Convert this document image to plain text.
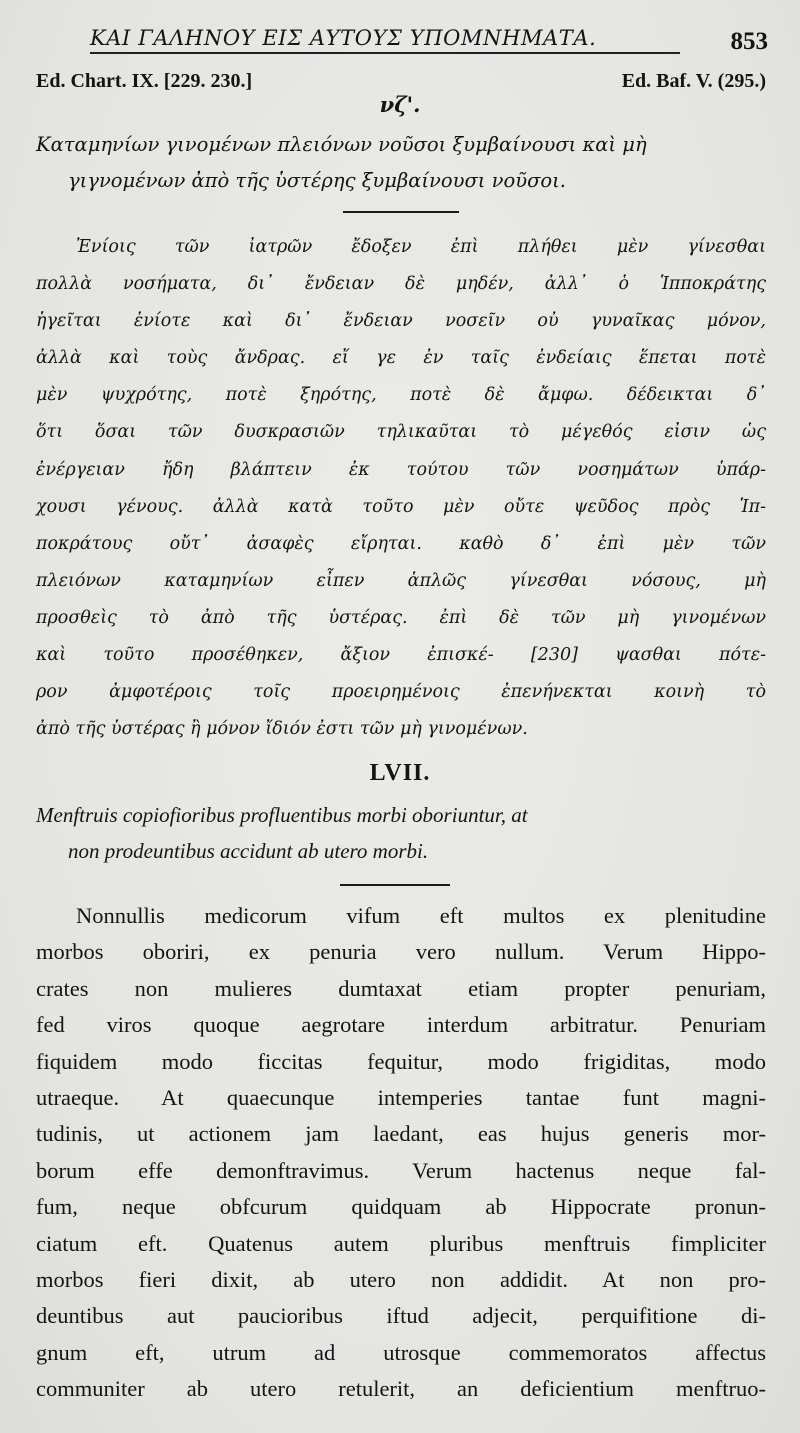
ΚΑΙ ΓΑΛΗΝΟΥ ΕΙΣ ΑΥΤΟΥΣ ΥΠΟΜΝΗΜΑΤΑ.	853
Ed. Chart. IX. [229. 230.]	Ed. Baf. V. (295.)
νζ'.
Καταμηνίων γινομένων πλειόνων νοῦσοι ξυμβαίνουσι καὶ μὴ
γιγνομένων ἀπὸ τῆς ὑστέρης ξυμβαίνουσι νοῦσοι.
Ἐνίοις τῶν ἰατρῶν ἔδοξεν ἐπὶ πλήθει μὲν γίνεσθαι
πολλὰ νοσήματα, δι᾽ ἔνδειαν δὲ μηδέν, ἀλλ᾽ ὁ Ἱπποκράτης
ἡγεῖται ἐνίοτε καὶ δι᾽ ἔνδειαν νοσεῖν οὐ γυναῖκας μόνον,
ἀλλὰ καὶ τοὺς ἄνδρας. εἴ γε ἐν ταῖς ἐνδείαις ἕπεται ποτὲ
μὲν ψυχρότης, ποτὲ ξηρότης, ποτὲ δὲ ἄμφω. δέδεικται δ᾽
ὅτι ὅσαι τῶν δυσκρασιῶν τηλικαῦται τὸ μέγεθός εἰσιν ὡς
ἐνέργειαν ἤδη βλάπτειν ἐκ τούτου τῶν νοσημάτων ὑπάρ-
χουσι γένους. ἀλλὰ κατὰ τοῦτο μὲν οὔτε ψεῦδος πρὸς Ἱπ-
ποκράτους οὔτ᾽ ἀσαφὲς εἴρηται. καθὸ δ᾽ ἐπὶ μὲν τῶν
πλειόνων καταμηνίων εἶπεν ἁπλῶς γίνεσθαι νόσους, μὴ
προσθεὶς τὸ ἀπὸ τῆς ὑστέρας. ἐπὶ δὲ τῶν μὴ γινομένων
καὶ τοῦτο προσέθηκεν, ἄξιον ἐπισκέ- [230] ψασθαι πότε-
ρον ἀμφοτέροις τοῖς προειρημένοις ἐπενήνεκται κοινὴ τὸ
ἀπὸ τῆς ὑστέρας ἢ μόνον ἴδιόν ἐστι τῶν μὴ γινομένων.
LVII.
Menftruis copiofioribus profluentibus morbi oboriuntur, at
non prodeuntibus accidunt ab utero morbi.
Nonnullis medicorum vifum eft multos ex plenitudine
morbos oboriri, ex penuria vero nullum. Verum Hippo-
crates non mulieres dumtaxat etiam propter penuriam,
fed viros quoque aegrotare interdum arbitratur. Penuriam
fiquidem modo ficcitas fequitur, modo frigiditas, modo
utraeque. At quaecunque intemperies tantae funt magni-
tudinis, ut actionem jam laedant, eas hujus generis mor-
borum effe demonftravimus. Verum hactenus neque fal-
fum, neque obfcurum quidquam ab Hippocrate pronun-
ciatum eft. Quatenus autem pluribus menftruis fimpliciter
morbos fieri dixit, ab utero non addidit. At non pro-
deuntibus aut paucioribus iftud adjecit, perquifitione di-
gnum eft, utrum ad utrosque commemoratos affectus
communiter ab utero retulerit, an deficientium menftruo-
